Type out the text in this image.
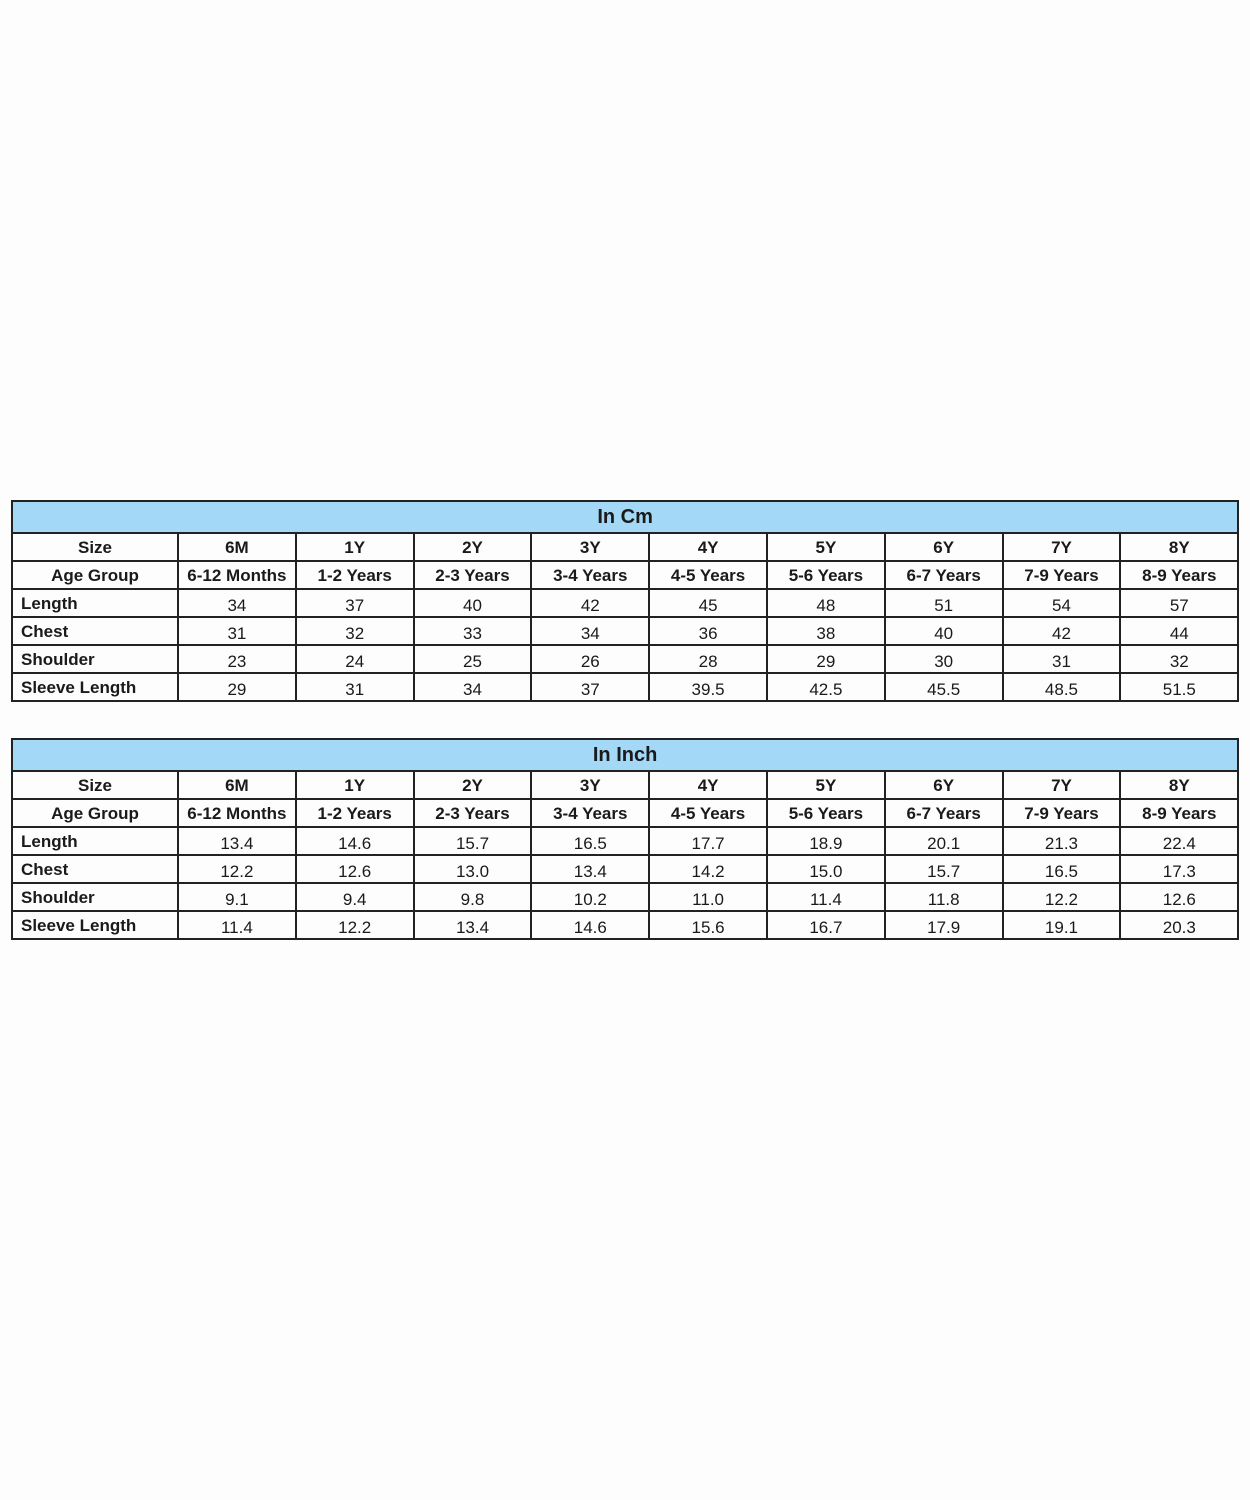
In Cm									
Size	6M	1Y	2Y	3Y	4Y	5Y	6Y	7Y	8Y
Age Group	6-12 Months	1-2 Years	2-3 Years	3-4 Years	4-5 Years	5-6 Years	6-7 Years	7-9 Years	8-9 Years
Length	34	37	40	42	45	48	51	54	57
Chest	31	32	33	34	36	38	40	42	44
Shoulder	23	24	25	26	28	29	30	31	32
Sleeve Length	29	31	34	37	39.5	42.5	45.5	48.5	51.5
In Inch									
Size	6M	1Y	2Y	3Y	4Y	5Y	6Y	7Y	8Y
Age Group	6-12 Months	1-2 Years	2-3 Years	3-4 Years	4-5 Years	5-6 Years	6-7 Years	7-9 Years	8-9 Years
Length	13.4	14.6	15.7	16.5	17.7	18.9	20.1	21.3	22.4
Chest	12.2	12.6	13.0	13.4	14.2	15.0	15.7	16.5	17.3
Shoulder	9.1	9.4	9.8	10.2	11.0	11.4	11.8	12.2	12.6
Sleeve Length	11.4	12.2	13.4	14.6	15.6	16.7	17.9	19.1	20.3
